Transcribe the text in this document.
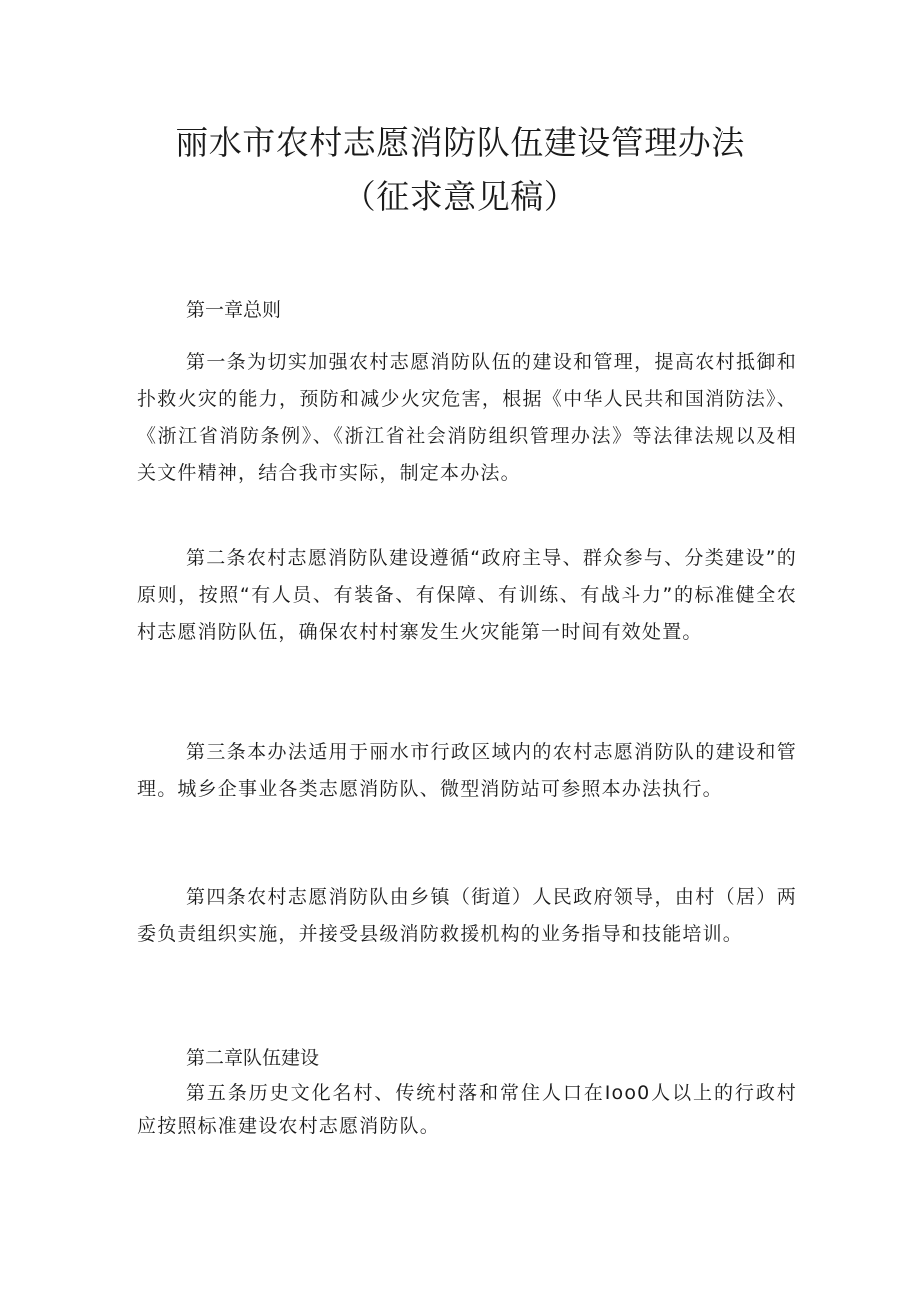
丽水市农村志愿消防队伍建设管理办法
（征求意见稿）
第一章总则

第一条为切实加强农村志愿消防队伍的建设和管理，提高农村抵御和扑救火灾的能力，预防和减少火灾危害，根据《中华人民共和国消防法》、《浙江省消防条例》、《浙江省社会消防组织管理办法》等法律法规以及相关文件精神，结合我市实际，制定本办法。

第二条农村志愿消防队建设遵循“政府主导、群众参与、分类建设”的原则，按照“有人员、有装备、有保障、有训练、有战斗力”的标准健全农村志愿消防队伍，确保农村村寨发生火灾能第一时间有效处置。

第三条本办法适用于丽水市行政区域内的农村志愿消防队的建设和管理。城乡企事业各类志愿消防队、微型消防站可参照本办法执行。

第四条农村志愿消防队由乡镇（街道）人民政府领导，由村（居）两委负责组织实施，并接受县级消防救援机构的业务指导和技能培训。

第二章队伍建设

第五条历史文化名村、传统村落和常住人口在Ioo0人以上的行政村应按照标准建设农村志愿消防队。
